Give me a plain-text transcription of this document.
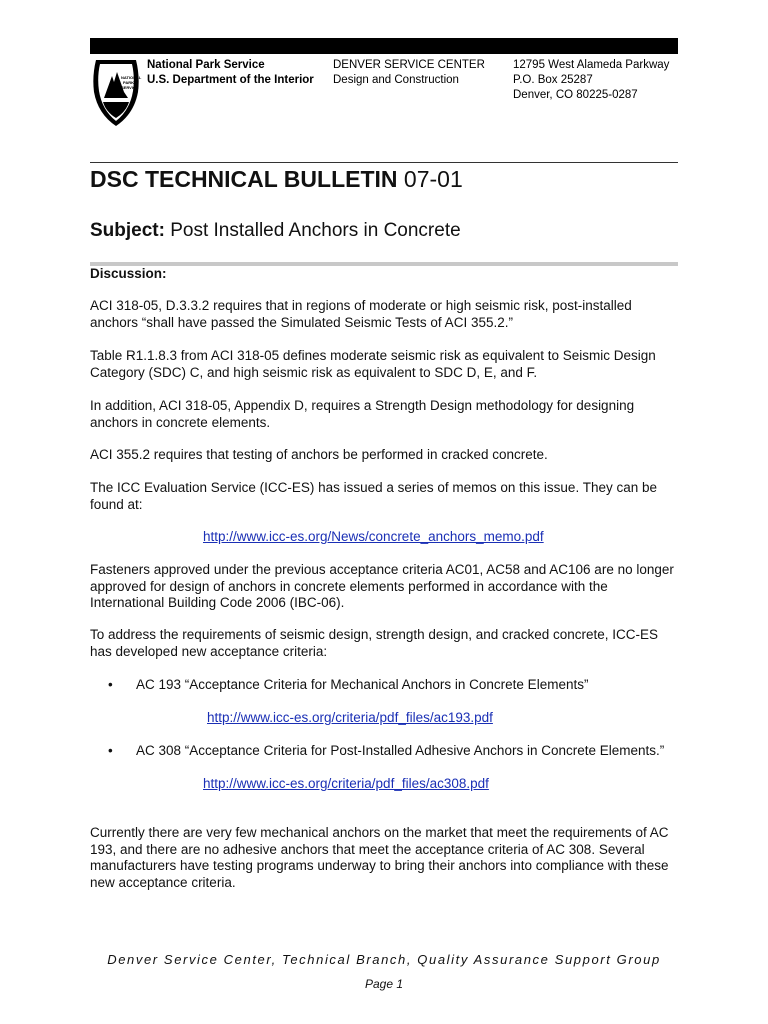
NATIONAL
PARK
SERVICE
National Park Service
U.S. Department of the Interior
DENVER SERVICE CENTER
Design and Construction
12795 West Alameda Parkway
P.O. Box 25287
Denver, CO 80225-0287
DSC TECHNICAL BULLETIN 07-01
Subject: Post Installed Anchors in Concrete
Discussion:
ACI 318-05, D.3.3.2 requires that in regions of moderate or high seismic risk, post-installed anchors “shall have passed the Simulated Seismic Tests of ACI 355.2.”
Table R1.1.8.3 from ACI 318-05 defines moderate seismic risk as equivalent to Seismic Design Category (SDC) C, and high seismic risk as equivalent to SDC D, E, and F.
In addition, ACI 318-05, Appendix D, requires a Strength Design methodology for designing anchors in concrete elements.
ACI 355.2 requires that testing of anchors be performed in cracked concrete.
The ICC Evaluation Service (ICC-ES) has issued a series of memos on this issue. They can be found at:
http://www.icc-es.org/News/concrete_anchors_memo.pdf
Fasteners approved under the previous acceptance criteria AC01, AC58 and AC106 are no longer approved for design of anchors in concrete elements performed in accordance with the International Building Code 2006 (IBC-06).
To address the requirements of seismic design, strength design, and cracked concrete, ICC-ES has developed new acceptance criteria:
• AC 193 “Acceptance Criteria for Mechanical Anchors in Concrete Elements”
http://www.icc-es.org/criteria/pdf_files/ac193.pdf
• AC 308 “Acceptance Criteria for Post-Installed Adhesive Anchors in Concrete Elements.”
http://www.icc-es.org/criteria/pdf_files/ac308.pdf
Currently there are very few mechanical anchors on the market that meet the requirements of AC 193, and there are no adhesive anchors that meet the acceptance criteria of AC 308. Several manufacturers have testing programs underway to bring their anchors into compliance with these new acceptance criteria.
Denver Service Center, Technical Branch, Quality Assurance Support Group
Page 1
